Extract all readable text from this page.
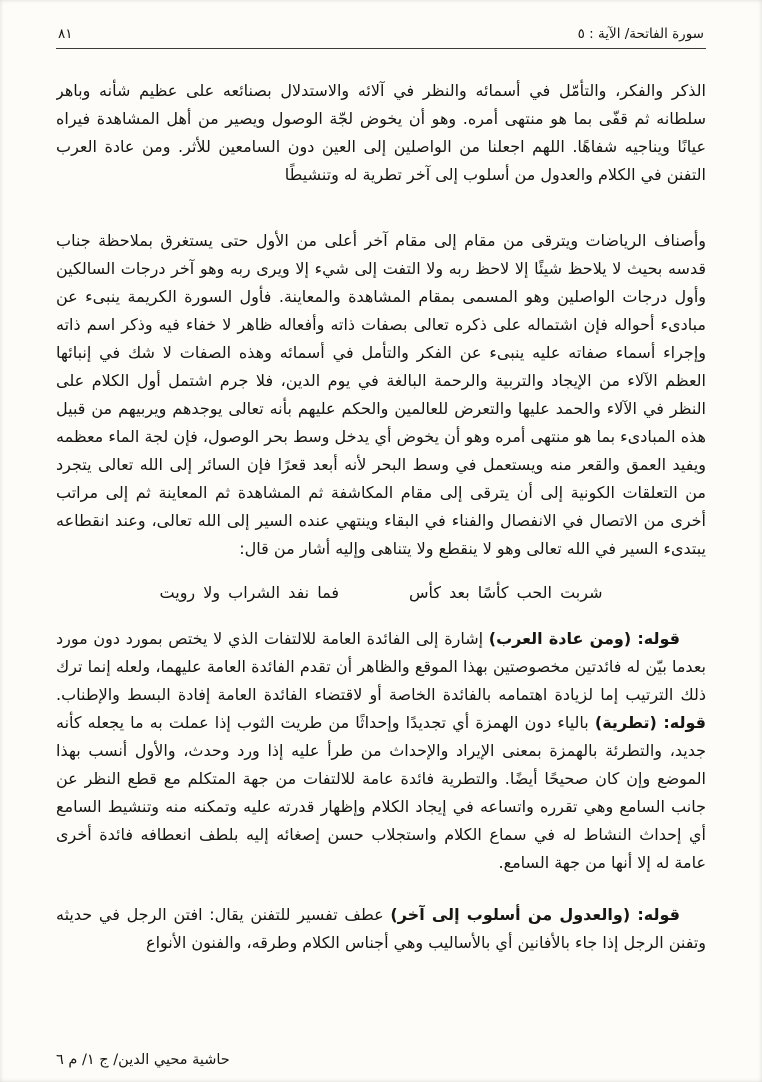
سورة الفاتحة/ الآية : ٥
٨١

الذكر والفكر، والتأمّل في أسمائه والنظر في آلائه والاستدلال بصنائعه على عظيم شأنه وباهر سلطانه ثم قفّى بما هو منتهى أمره. وهو أن يخوض لجّة الوصول ويصير من أهل المشاهدة فيراه عيانًا ويناجيه شفاهًا. اللهم اجعلنا من الواصلين إلى العين دون السامعين للأثر. ومن عادة العرب التفنن في الكلام والعدول من أسلوب إلى آخر تطرية له وتنشيطًا

وأصناف الرياضات ويترقى من مقام إلى مقام آخر أعلى من الأول حتى يستغرق بملاحظة جناب قدسه بحيث لا يلاحظ شيئًا إلا لاحظ ربه ولا التفت إلى شيء إلا ويرى ربه وهو آخر درجات السالكين وأول درجات الواصلين وهو المسمى بمقام المشاهدة والمعاينة. فأول السورة الكريمة ينبىء عن مبادىء أحواله فإن اشتماله على ذكره تعالى بصفات ذاته وأفعاله ظاهر لا خفاء فيه وذكر اسم ذاته وإجراء أسماء صفاته عليه ينبىء عن الفكر والتأمل في أسمائه وهذه الصفات لا شك في إنبائها العظم الآلاء من الإيجاد والتربية والرحمة البالغة في يوم الدين، فلا جرم اشتمل أول الكلام على النظر في الآلاء والحمد عليها والتعرض للعالمين والحكم عليهم بأنه تعالى يوجدهم ويربيهم من قبيل هذه المبادىء بما هو منتهى أمره وهو أن يخوض أي يدخل وسط بحر الوصول، فإن لجة الماء معظمه ويفيد العمق والقعر منه ويستعمل في وسط البحر لأنه أبعد قعرًا فإن السائر إلى الله تعالى يتجرد من التعلقات الكونية إلى أن يترقى إلى مقام المكاشفة ثم المشاهدة ثم المعاينة ثم إلى مراتب أخرى من الاتصال في الانفصال والفناء في البقاء وينتهي عنده السير إلى الله تعالى، وعند انقطاعه يبتدىء السير في الله تعالى وهو لا ينقطع ولا يتناهى وإليه أشار من قال:

شربت الحب كأسًا بعد كأس
فما نفد الشراب ولا رويت

قوله: (ومن عادة العرب) إشارة إلى الفائدة العامة للالتفات الذي لا يختص بمورد دون مورد بعدما بيّن له فائدتين مخصوصتين بهذا الموقع والظاهر أن تقدم الفائدة العامة عليهما، ولعله إنما ترك ذلك الترتيب إما لزيادة اهتمامه بالفائدة الخاصة أو لاقتضاء الفائدة العامة إفادة البسط والإطناب. قوله: (تطرية) بالياء دون الهمزة أي تجديدًا وإحداثًا من طريت الثوب إذا عملت به ما يجعله كأنه جديد، والتطرئة بالهمزة بمعنى الإيراد والإحداث من طرأ عليه إذا ورد وحدث، والأول أنسب بهذا الموضع وإن كان صحيحًا أيضًا. والتطرية فائدة عامة للالتفات من جهة المتكلم مع قطع النظر عن جانب السامع وهي تقرره واتساعه في إيجاد الكلام وإظهار قدرته عليه وتمكنه منه وتنشيط السامع أي إحداث النشاط له في سماع الكلام واستجلاب حسن إصغائه إليه بلطف انعطافه فائدة أخرى عامة له إلا أنها من جهة السامع.

قوله: (والعدول من أسلوب إلى آخر) عطف تفسير للتفنن يقال: افتن الرجل في حديثه وتفنن الرجل إذا جاء بالأفانين أي بالأساليب وهي أجناس الكلام وطرقه، والفنون الأنواع

حاشية محيي الدين/ ج ١/ م ٦
